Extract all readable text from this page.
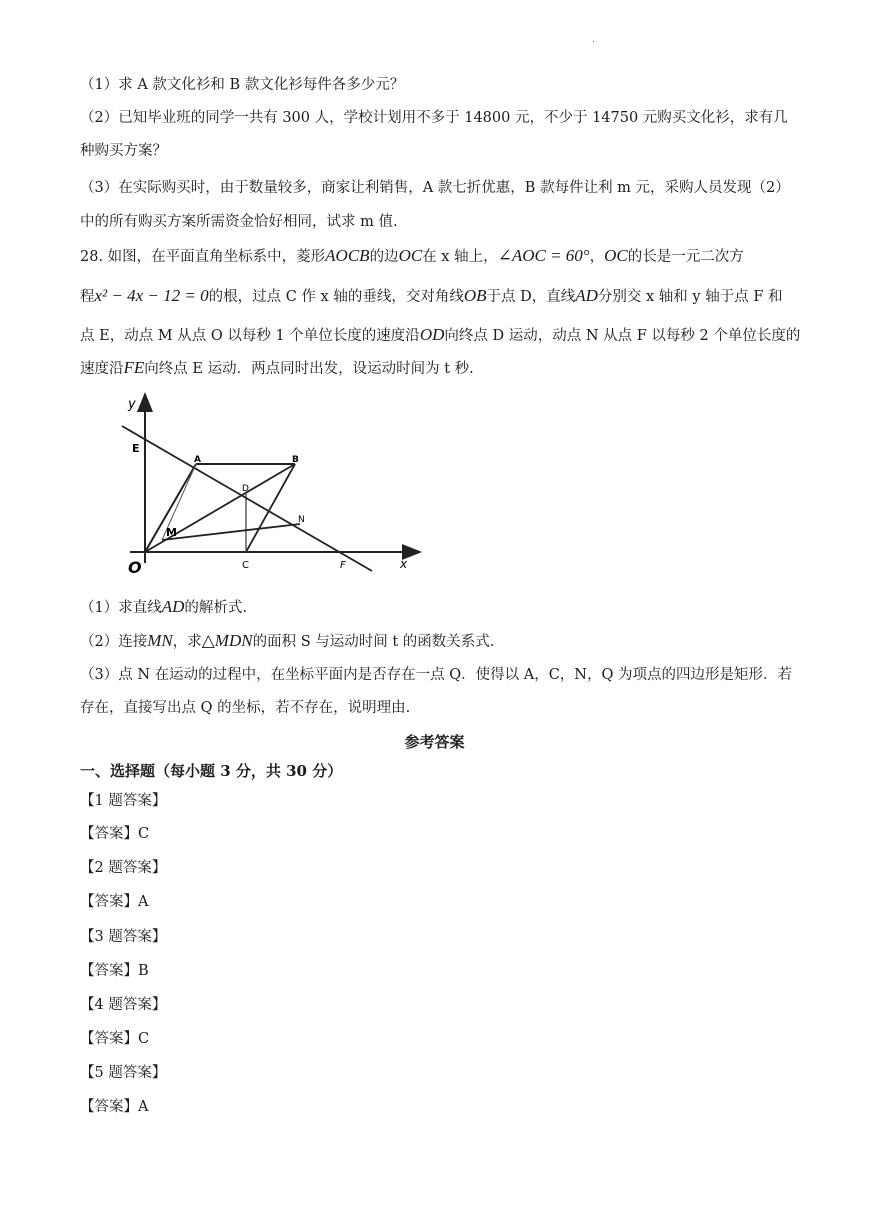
.
（1）求 A 款文化衫和 B 款文化衫每件各多少元？
（2）已知毕业班的同学一共有 300 人，学校计划用不多于 14800 元，不少于 14750 元购买文化衫，求有几
种购买方案？
（3）在实际购买时，由于数量较多，商家让利销售，A 款七折优惠，B 款每件让利 m 元，采购人员发现（2）
中的所有购买方案所需资金恰好相同，试求 m 值.
28. 如图，在平面直角坐标系中，菱形AOCB的边OC在 x 轴上，∠AOC = 60°，OC的长是一元二次方
程x² − 4x − 12 = 0的根，过点 C 作 x 轴的垂线，交对角线OB于点 D，直线AD分别交 x 轴和 y 轴于点 F 和
点 E，动点 M 从点 O 以每秒 1 个单位长度的速度沿OD向终点 D 运动，动点 N 从点 F 以每秒 2 个单位长度的
速度沿FE向终点 E 运动．两点同时出发，设运动时间为 t 秒.
y
E
A	B
D
M
N
O	C	F	x
（1）求直线AD的解析式.
（2）连接MN，求△MDN的面积 S 与运动时间 t 的函数关系式.
（3）点 N 在运动的过程中，在坐标平面内是否存在一点 Q．使得以 A，C，N，Q 为项点的四边形是矩形．若
存在，直接写出点 Q 的坐标，若不存在，说明理由.
参考答案
一、选择题（每小题 3 分，共 30 分）
【1 题答案】
【答案】C
【2 题答案】
【答案】A
【3 题答案】
【答案】B
【4 题答案】
【答案】C
【5 题答案】
【答案】A
